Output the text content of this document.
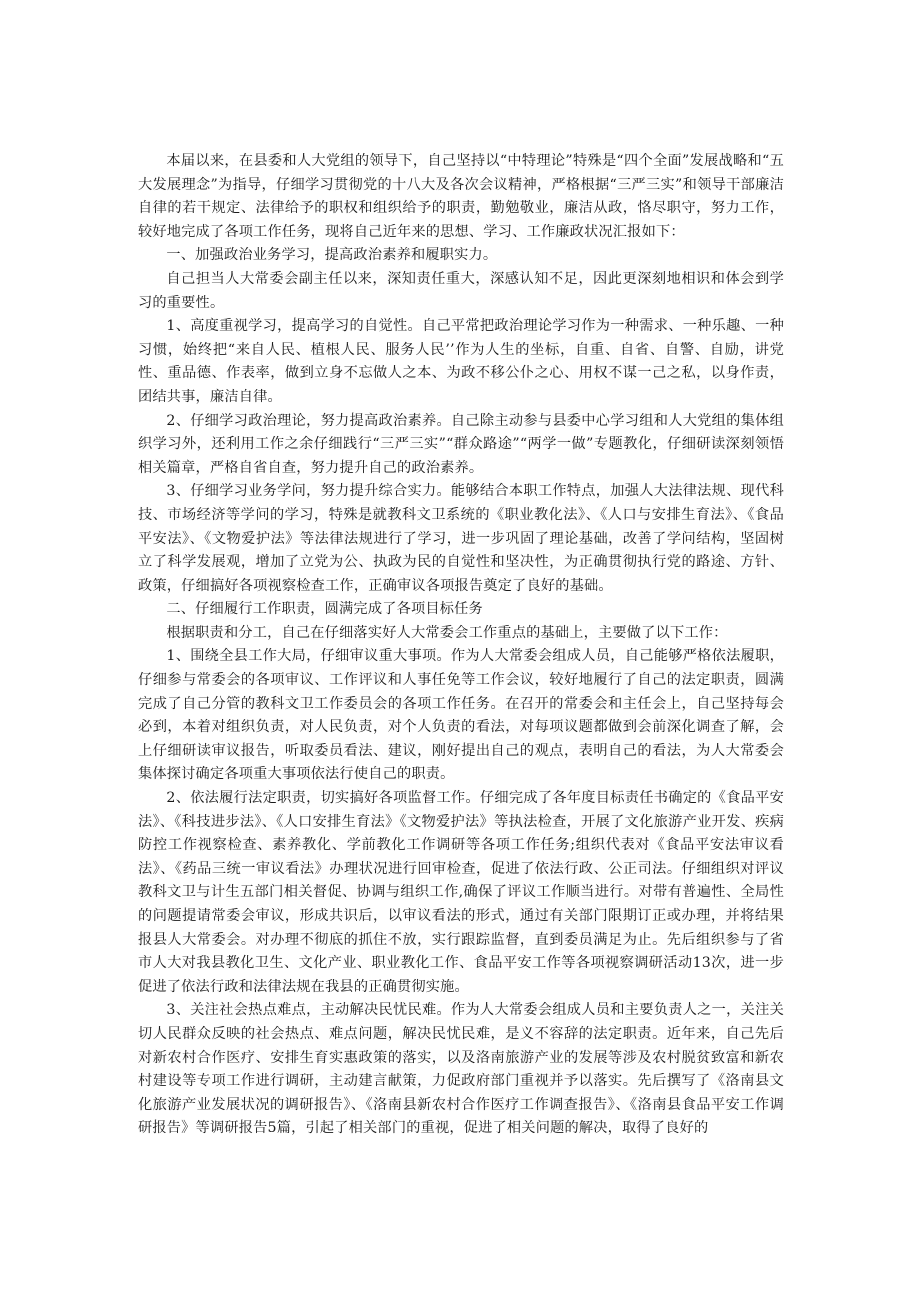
本届以来，在县委和人大党组的领导下，自己坚持以“中特理论”特殊是“四个全面”发展战略和“五大发展理念”为指导，仔细学习贯彻党的十八大及各次会议精神，严格根据“三严三实”和领导干部廉洁自律的若干规定、法律给予的职权和组织给予的职责，勤勉敬业，廉洁从政，恪尽职守，努力工作，较好地完成了各项工作任务，现将自己近年来的思想、学习、工作廉政状况汇报如下：

一、加强政治业务学习，提高政治素养和履职实力。

自己担当人大常委会副主任以来，深知责任重大，深感认知不足，因此更深刻地相识和体会到学习的重要性。

1、高度重视学习，提高学习的自觉性。自己平常把政治理论学习作为一种需求、一种乐趣、一种习惯，始终把“来自人民、植根人民、服务人民’’作为人生的坐标，自重、自省、自警、自励，讲党性、重品德、作表率，做到立身不忘做人之本、为政不移公仆之心、用权不谋一己之私，以身作责，团结共事，廉洁自律。

2、仔细学习政治理论，努力提高政治素养。自己除主动参与县委中心学习组和人大党组的集体组织学习外，还利用工作之余仔细践行“三严三实”“群众路途”“两学一做”专题教化，仔细研读深刻领悟相关篇章，严格自省自查，努力提升自己的政治素养。

3、仔细学习业务学问，努力提升综合实力。能够结合本职工作特点，加强人大法律法规、现代科技、市场经济等学问的学习，特殊是就教科文卫系统的《职业教化法》、《人口与安排生育法》、《食品平安法》、《文物爱护法》等法律法规进行了学习，进一步巩固了理论基础，改善了学问结构，坚固树立了科学发展观，增加了立党为公、执政为民的自觉性和坚决性，为正确贯彻执行党的路途、方针、政策，仔细搞好各项视察检查工作，正确审议各项报告奠定了良好的基础。

二、仔细履行工作职责，圆满完成了各项目标任务

根据职责和分工，自己在仔细落实好人大常委会工作重点的基础上，主要做了以下工作：

1、围绕全县工作大局，仔细审议重大事项。作为人大常委会组成人员，自己能够严格依法履职，仔细参与常委会的各项审议、工作评议和人事任免等工作会议，较好地履行了自己的法定职责，圆满完成了自己分管的教科文卫工作委员会的各项工作任务。在召开的常委会和主任会上，自己坚持每会必到，本着对组织负责，对人民负责，对个人负责的看法，对每项议题都做到会前深化调查了解，会上仔细研读审议报告，听取委员看法、建议，刚好提出自己的观点，表明自己的看法，为人大常委会集体探讨确定各项重大事项依法行使自己的职责。

2、依法履行法定职责，切实搞好各项监督工作。仔细完成了各年度目标责任书确定的《食品平安法》、《科技进步法》、《人口安排生育法》《文物爱护法》等执法检查，开展了文化旅游产业开发、疾病防控工作视察检查、素养教化、学前教化工作调研等各项工作任务;组织代表对《食品平安法审议看法》、《药品三统一审议看法》办理状况进行回审检查，促进了依法行政、公正司法。仔细组织对评议教科文卫与计生五部门相关督促、协调与组织工作,确保了评议工作顺当进行。对带有普遍性、全局性的问题提请常委会审议，形成共识后，以审议看法的形式，通过有关部门限期订正或办理，并将结果报县人大常委会。对办理不彻底的抓住不放，实行跟踪监督，直到委员满足为止。先后组织参与了省市人大对我县教化卫生、文化产业、职业教化工作、食品平安工作等各项视察调研活动13次，进一步促进了依法行政和法律法规在我县的正确贯彻实施。

3、关注社会热点难点，主动解决民忧民难。作为人大常委会组成人员和主要负责人之一，关注关切人民群众反映的社会热点、难点问题，解决民忧民难，是义不容辞的法定职责。近年来，自己先后对新农村合作医疗、安排生育实惠政策的落实，以及洛南旅游产业的发展等涉及农村脱贫致富和新农村建设等专项工作进行调研，主动建言献策，力促政府部门重视并予以落实。先后撰写了《洛南县文化旅游产业发展状况的调研报告》、《洛南县新农村合作医疗工作调查报告》、《洛南县食品平安工作调研报告》等调研报告5篇，引起了相关部门的重视，促进了相关问题的解决，取得了良好的
